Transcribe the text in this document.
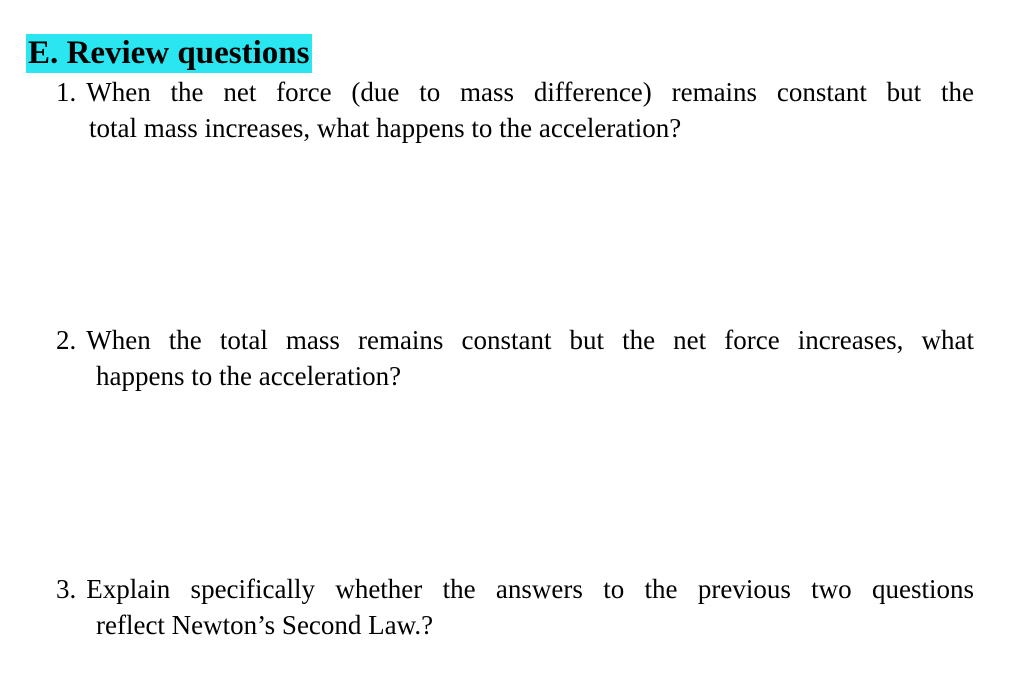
E. Review questions
1. When the net force (due to mass difference) remains constant but the
total mass increases, what happens to the acceleration?
2. When the total mass remains constant but the net force increases, what
happens to the acceleration?
3. Explain specifically whether the answers to the previous two questions
reflect Newton’s Second Law.?
